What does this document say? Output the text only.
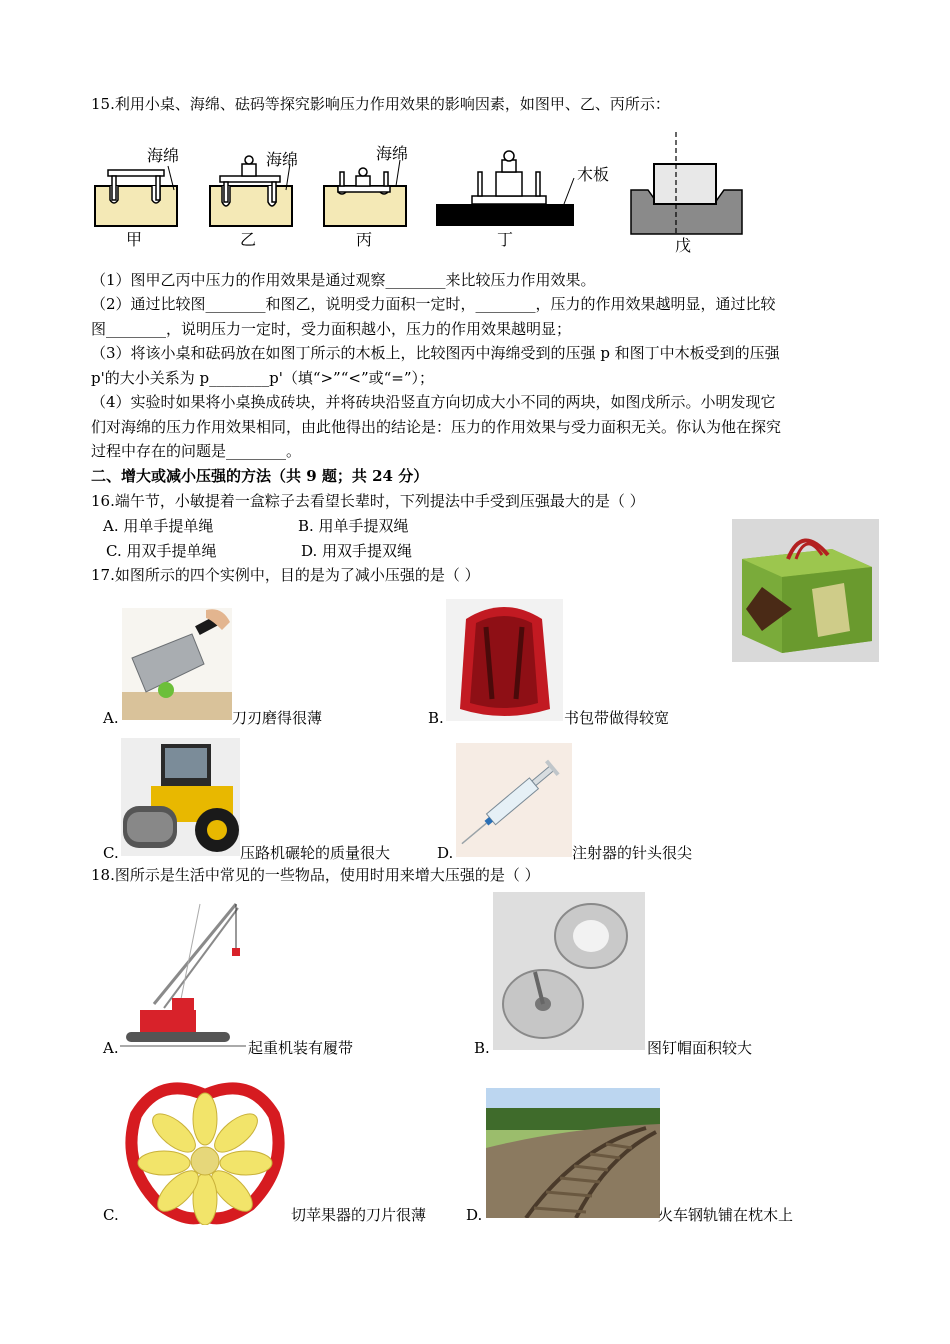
15.利用小桌、海绵、砝码等探究影响压力作用效果的影响因素，如图甲、乙、丙所示：
海绵
甲
海绵
乙
海绵
丙
木板
丁	戊
（1）图甲乙丙中压力的作用效果是通过观察________来比较压力作用效果。
（2）通过比较图________和图乙，说明受力面积一定时，________，压力的作用效果越明显，通过比较
图________，说明压力一定时，受力面积越小，压力的作用效果越明显；
（3）将该小桌和砝码放在如图丁所示的木板上，比较图丙中海绵受到的压强 p 和图丁中木板受到的压强
p'的大小关系为 p________p'（填“>”“<”或“=”）；
（4）实验时如果将小桌换成砖块，并将砖块沿竖直方向切成大小不同的两块，如图戊所示。小明发现它
们对海绵的压力作用效果相同，由此他得出的结论是：压力的作用效果与受力面积无关。你认为他在探究
过程中存在的问题是________。
二、增大或减小压强的方法（共 9 题；共 24 分）
16.端午节，小敏提着一盒粽子去看望长辈时，下列提法中手受到压强最大的是（ ）
A. 用单手提单绳	B. 用单手提双绳
C. 用双手提单绳	D. 用双手提双绳
17.如图所示的四个实例中，目的是为了减小压强的是（ ）
A.	刀刃磨得很薄	B.	书包带做得较宽
C.	压路机碾轮的质量很大	D.	注射器的针头很尖
18.图所示是生活中常见的一些物品，使用时用来增大压强的是（ ）
A.	起重机装有履带	B.	图钉帽面积较大
C.	切苹果器的刀片很薄	D.	火车钢轨铺在枕木上
